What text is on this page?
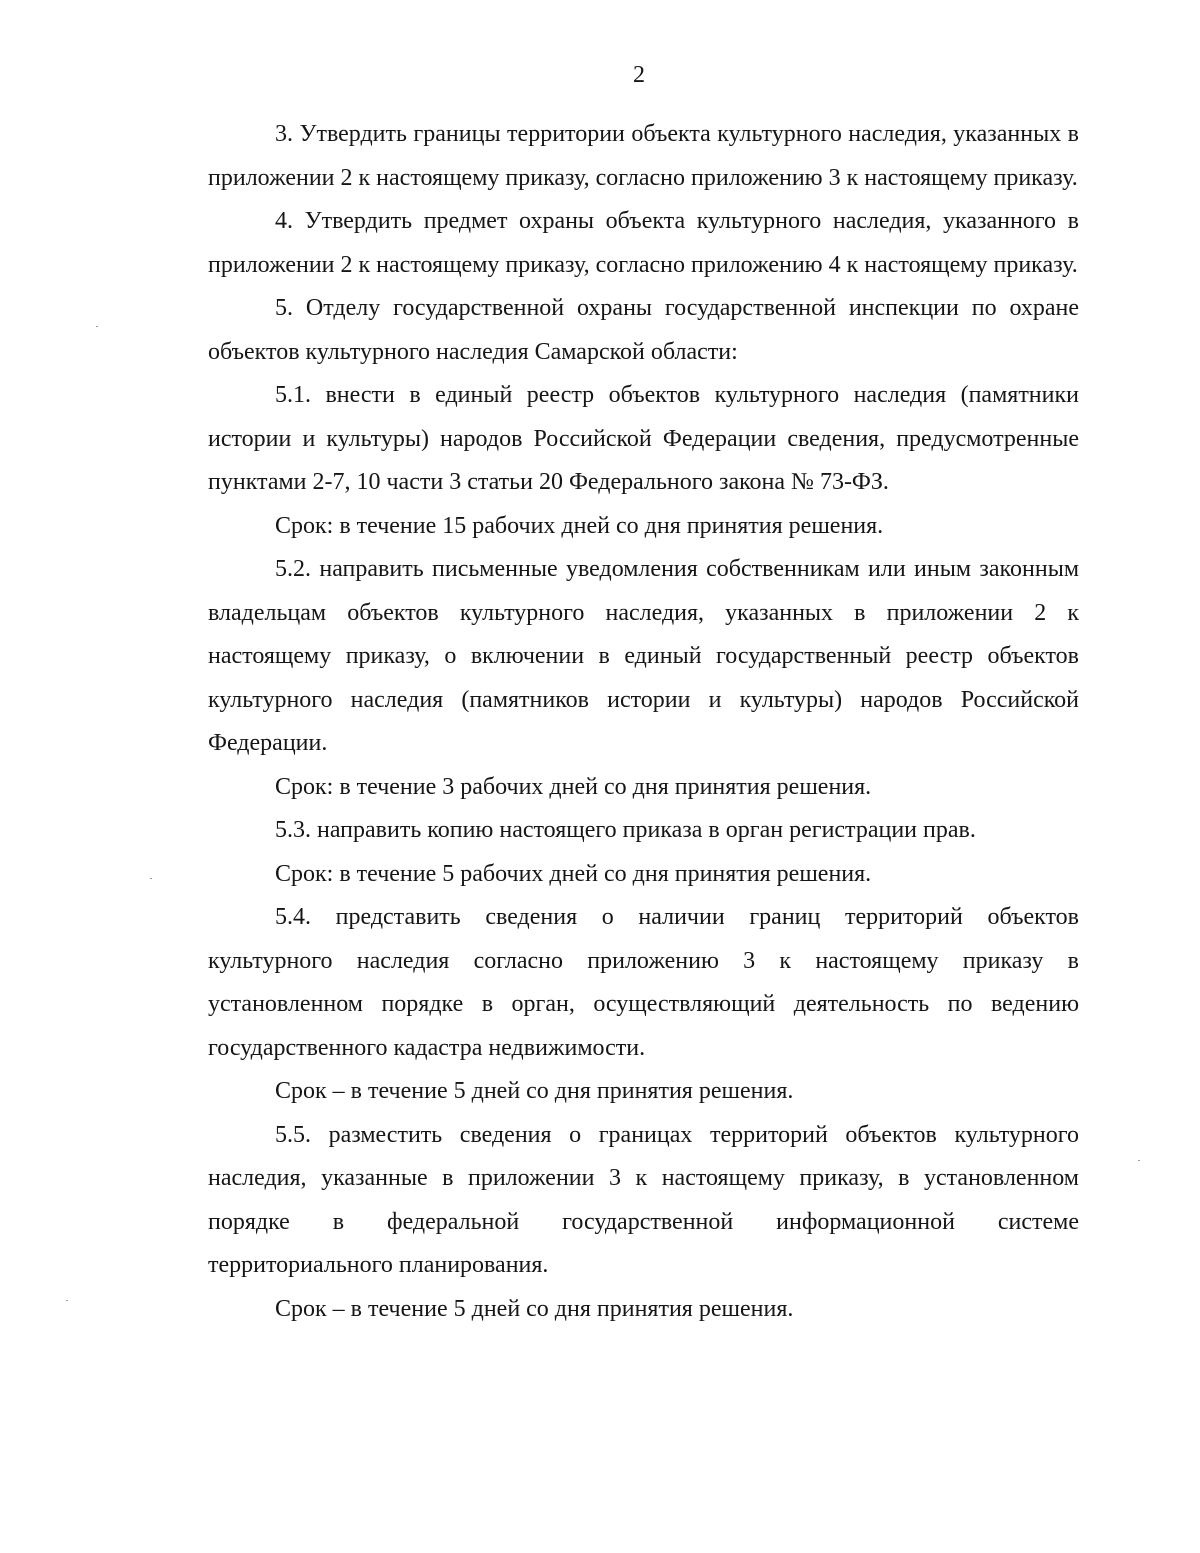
2

3. Утвердить границы территории объекта культурного наследия, указанных в приложении 2 к настоящему приказу, согласно приложению 3 к настоящему приказу.

4. Утвердить предмет охраны объекта культурного наследия, указанного в приложении 2 к настоящему приказу, согласно приложению 4 к настоящему приказу.

5. Отделу государственной охраны государственной инспекции по охране объектов культурного наследия Самарской области:

5.1. внести в единый реестр объектов культурного наследия (памятники истории и культуры) народов Российской Федерации сведения, предусмотренные пунктами 2-7, 10 части 3 статьи 20 Федерального закона № 73-ФЗ.

Срок: в течение 15 рабочих дней со дня принятия решения.

5.2. направить письменные уведомления собственникам или иным законным владельцам объектов культурного наследия, указанных в приложении 2 к настоящему приказу, о включении в единый государственный реестр объектов культурного наследия (памятников истории и культуры) народов Российской Федерации.

Срок: в течение 3 рабочих дней со дня принятия решения.

5.3. направить копию настоящего приказа в орган регистрации прав.

Срок: в течение 5 рабочих дней со дня принятия решения.

5.4. представить сведения о наличии границ территорий объектов культурного наследия согласно приложению 3 к настоящему приказу в установленном порядке в орган, осуществляющий деятельность по ведению государственного кадастра недвижимости.

Срок – в течение 5 дней со дня принятия решения.

5.5. разместить сведения о границах территорий объектов культурного наследия, указанные в приложении 3 к настоящему приказу, в установленном порядке в федеральной государственной информационной системе территориального планирования.

Срок – в течение 5 дней со дня принятия решения.
